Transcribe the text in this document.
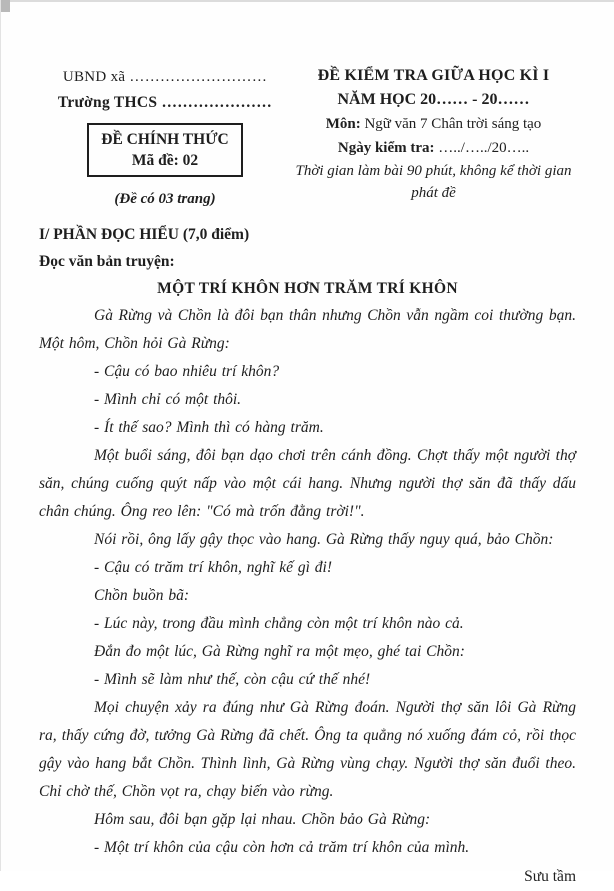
UBND xã ………………………
Trường THCS …………………
ĐỀ CHÍNH THỨC
Mã đề: 02
(Đề có 03 trang)
ĐỀ KIỂM TRA GIỮA HỌC KÌ I
NĂM HỌC 20…… - 20……
Môn: Ngữ văn 7 Chân trời sáng tạo
Ngày kiểm tra: …../…../20…..
Thời gian làm bài 90 phút, không kể thời gian phát đề
I/ PHẦN ĐỌC HIỂU (7,0 điểm)
Đọc văn bản truyện:
MỘT TRÍ KHÔN HƠN TRĂM TRÍ KHÔN

Gà Rừng và Chồn là đôi bạn thân nhưng Chồn vẫn ngầm coi thường bạn. Một hôm, Chồn hỏi Gà Rừng:

- Cậu có bao nhiêu trí khôn?

- Mình chỉ có một thôi.

- Ít thế sao? Mình thì có hàng trăm.

Một buổi sáng, đôi bạn dạo chơi trên cánh đồng. Chợt thấy một người thợ săn, chúng cuống quýt nấp vào một cái hang. Nhưng người thợ săn đã thấy dấu chân chúng. Ông reo lên: "Có mà trốn đằng trời!".

Nói rồi, ông lấy gậy thọc vào hang. Gà Rừng thấy nguy quá, bảo Chồn:

- Cậu có trăm trí khôn, nghĩ kế gì đi!

Chồn buồn bã:

- Lúc này, trong đầu mình chẳng còn một trí khôn nào cả.

Đắn đo một lúc, Gà Rừng nghĩ ra một mẹo, ghé tai Chồn:

- Mình sẽ làm như thế, còn cậu cứ thế nhé!

Mọi chuyện xảy ra đúng như Gà Rừng đoán. Người thợ săn lôi Gà Rừng ra, thấy cứng đờ, tưởng Gà Rừng đã chết. Ông ta quẳng nó xuống đám cỏ, rồi thọc gậy vào hang bắt Chồn. Thình lình, Gà Rừng vùng chạy. Người thợ săn đuổi theo. Chỉ chờ thế, Chồn vọt ra, chạy biến vào rừng.

Hôm sau, đôi bạn gặp lại nhau. Chồn bảo Gà Rừng:

- Một trí khôn của cậu còn hơn cả trăm trí khôn của mình.

Sưu tầm
